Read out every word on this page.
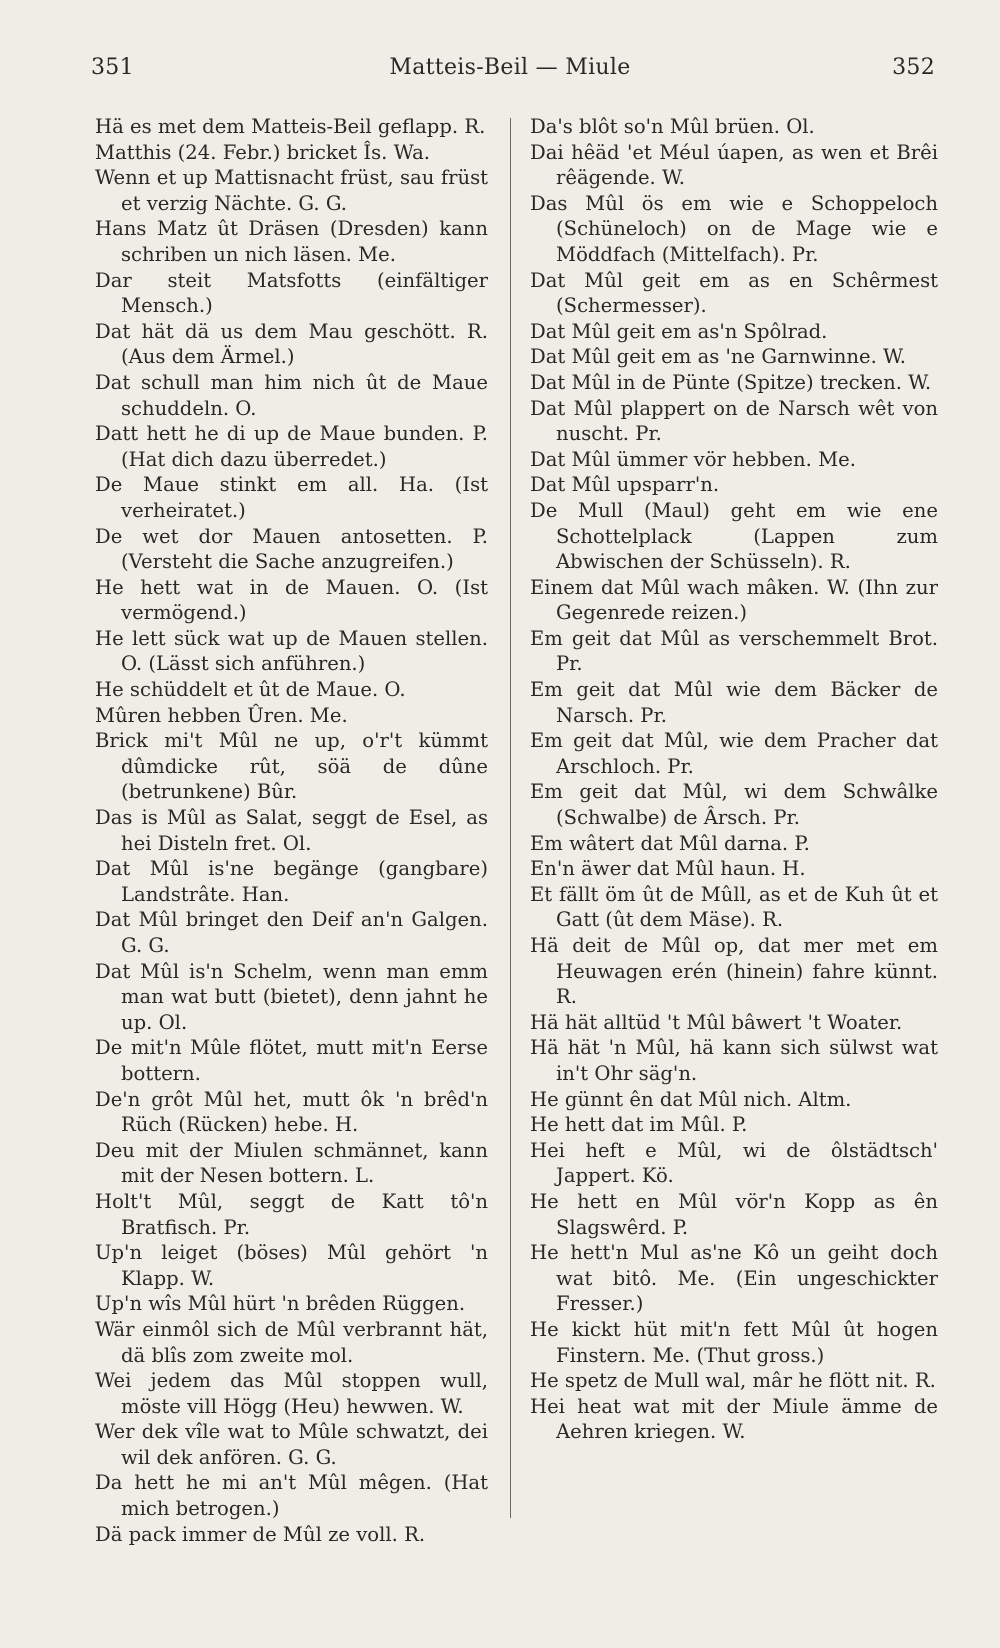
351	Matteis-Beil — Miule	352
Hä es met dem Matteis-Beil geflapp. R.
Matthis (24. Febr.) bricket Îs. Wa.
Wenn et up Mattisnacht früst, sau früst et verzig Nächte. G. G.
Hans Matz ût Dräsen (Dresden) kann schriben un nich läsen. Me.
Dar steit Matsfotts (einfältiger Mensch.)
Dat hät dä us dem Mau geschött. R. (Aus dem Ärmel.)
Dat schull man him nich ût de Maue schuddeln. O.
Datt hett he di up de Maue bunden. P. (Hat dich dazu überredet.)
De Maue stinkt em all. Ha. (Ist verheiratet.)
De wet dor Mauen antosetten. P. (Versteht die Sache anzugreifen.)
He hett wat in de Mauen. O. (Ist vermögend.)
He lett sück wat up de Mauen stellen. O. (Lässt sich anführen.)
He schüddelt et ût de Maue. O.
Mûren hebben Ûren. Me.
Brick mi't Mûl ne up, o'r't kümmt dûmdicke rût, söä de dûne (betrunkene) Bûr.
Das is Mûl as Salat, seggt de Esel, as hei Disteln fret. Ol.
Dat Mûl is'ne begänge (gangbare) Landstrâte. Han.
Dat Mûl bringet den Deif an'n Galgen. G. G.
Dat Mûl is'n Schelm, wenn man emm man wat butt (bietet), denn jahnt he up. Ol.
De mit'n Mûle flötet, mutt mit'n Eerse bottern.
De'n grôt Mûl het, mutt ôk 'n brêd'n Rüch (Rücken) hebe. H.
Deu mit der Miulen schmännet, kann mit der Nesen bottern. L.
Holt't Mûl, seggt de Katt tô'n Bratfisch. Pr.
Up'n leiget (böses) Mûl gehört 'n Klapp. W.
Up'n wîs Mûl hürt 'n brêden Rüggen.
Wär einmôl sich de Mûl verbrannt hät, dä blîs zom zweite mol.
Wei jedem das Mûl stoppen wull, möste vill Högg (Heu) hewwen. W.
Wer dek vîle wat to Mûle schwatzt, dei wil dek anfören. G. G.
Da hett he mi an't Mûl mêgen. (Hat mich betrogen.)
Dä pack immer de Mûl ze voll. R.
Da's blôt so'n Mûl brüen. Ol.
Dai hêäd 'et Méul úapen, as wen et Brêi rêägende. W.
Das Mûl ös em wie e Schoppeloch (Schüneloch) on de Mage wie e Möddfach (Mittelfach). Pr.
Dat Mûl geit em as en Schêrmest (Schermesser).
Dat Mûl geit em as'n Spôlrad.
Dat Mûl geit em as 'ne Garnwinne. W.
Dat Mûl in de Pünte (Spitze) trecken. W.
Dat Mûl plappert on de Narsch wêt von nuscht. Pr.
Dat Mûl ümmer vör hebben. Me.
Dat Mûl upsparr'n.
De Mull (Maul) geht em wie ene Schottelplack (Lappen zum Abwischen der Schüsseln). R.
Einem dat Mûl wach mâken. W. (Ihn zur Gegenrede reizen.)
Em geit dat Mûl as verschemmelt Brot. Pr.
Em geit dat Mûl wie dem Bäcker de Narsch. Pr.
Em geit dat Mûl, wie dem Pracher dat Arschloch. Pr.
Em geit dat Mûl, wi dem Schwâlke (Schwalbe) de Ârsch. Pr.
Em wâtert dat Mûl darna. P.
En'n äwer dat Mûl haun. H.
Et fällt öm ût de Mûll, as et de Kuh ût et Gatt (ût dem Mäse). R.
Hä deit de Mûl op, dat mer met em Heuwagen erén (hinein) fahre künnt. R.
Hä hät alltüd 't Mûl bâwert 't Woater.
Hä hät 'n Mûl, hä kann sich sülwst wat in't Ohr säg'n.
He günnt ên dat Mûl nich. Altm.
He hett dat im Mûl. P.
Hei heft e Mûl, wi de ôlstädtsch' Jappert. Kö.
He hett en Mûl vör'n Kopp as ên Slagswêrd. P.
He hett'n Mul as'ne Kô un geiht doch wat bitô. Me. (Ein ungeschickter Fresser.)
He kickt hüt mit'n fett Mûl ût hogen Finstern. Me. (Thut gross.)
He spetz de Mull wal, mâr he flött nit. R.
Hei heat wat mit der Miule ämme de Aehren kriegen. W.
